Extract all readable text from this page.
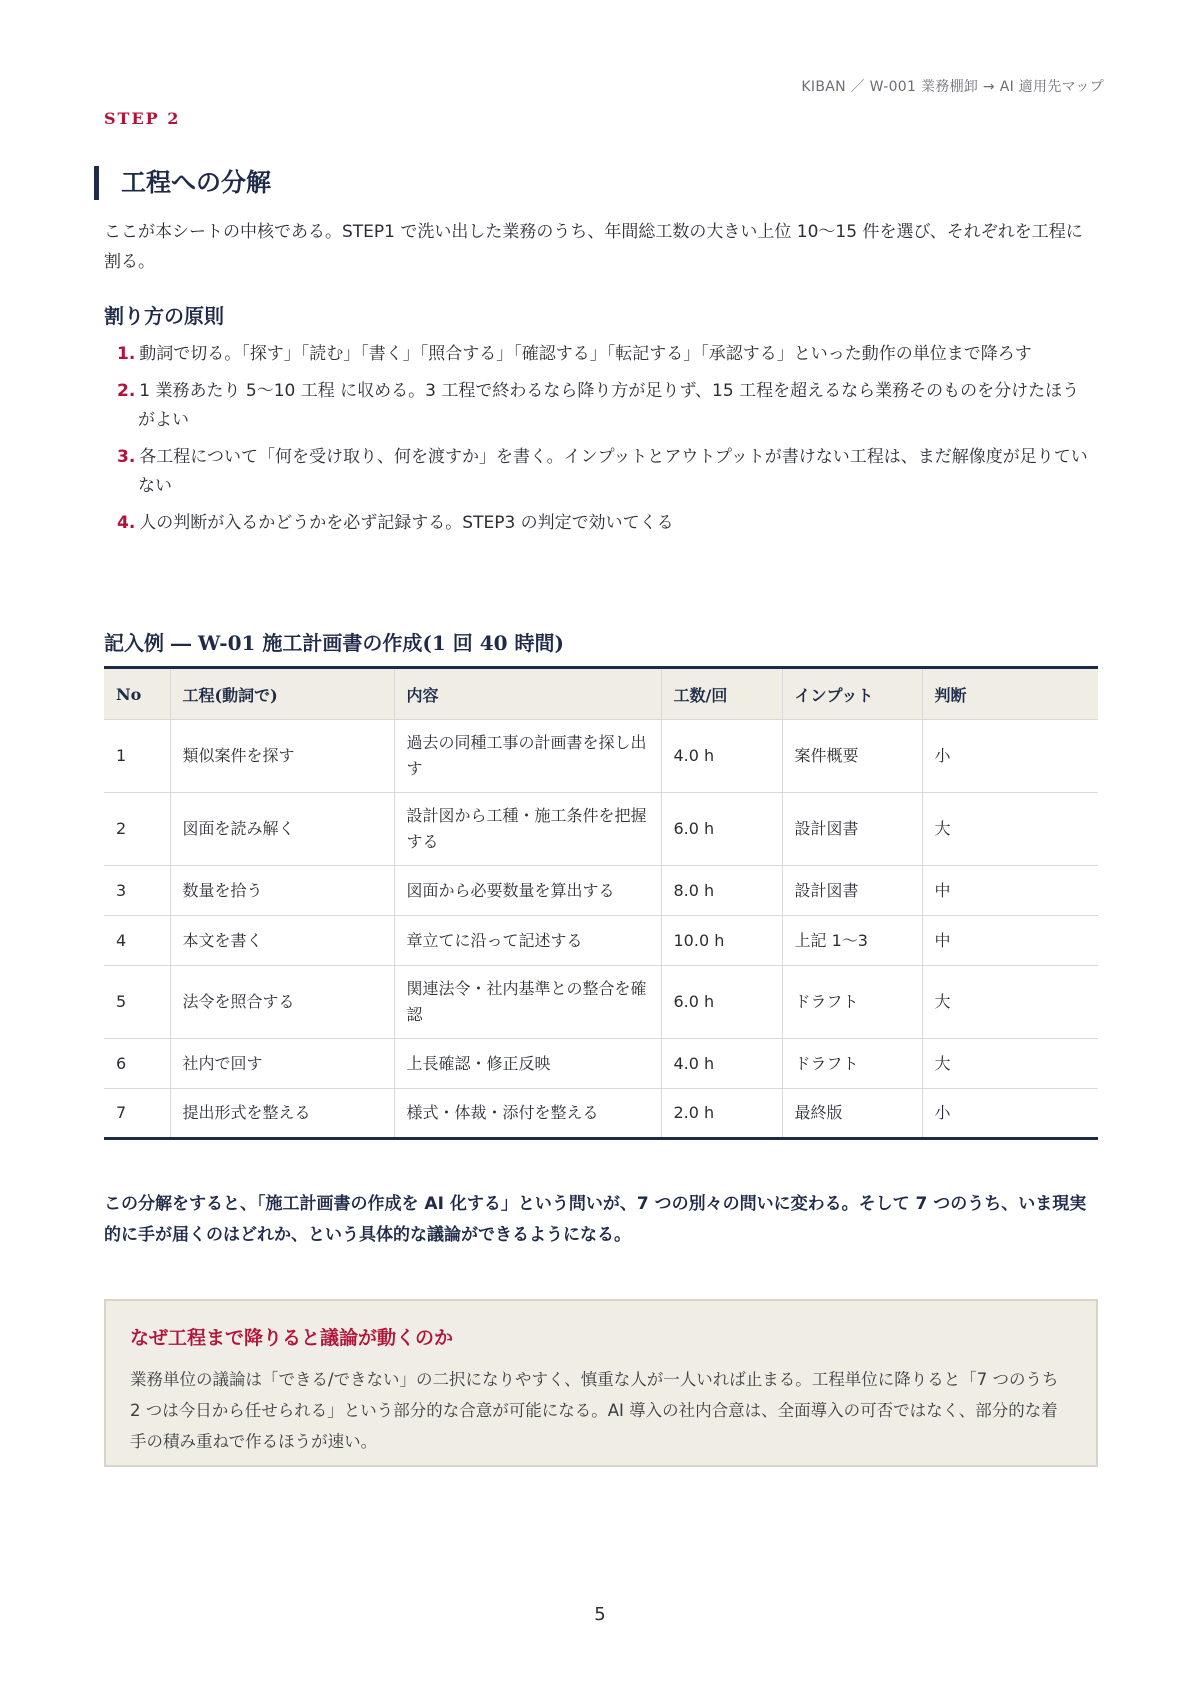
KIBAN ／ W-001 業務棚卸 → AI 適用先マップ
STEP 2
工程への分解

ここが本シートの中核である。STEP1 で洗い出した業務のうち、年間総工数の大きい上位 10〜15 件を選び、それぞれを工程に割る。

割り方の原則
1. 動詞で切る。「探す」「読む」「書く」「照合する」「確認する」「転記する」「承認する」といった動作の単位まで降ろす
2. 1 業務あたり 5〜10 工程 に収める。3 工程で終わるなら降り方が足りず、15 工程を超えるなら業務そのものを分けたほうがよい
3. 各工程について「何を受け取り、何を渡すか」を書く。インプットとアウトプットが書けない工程は、まだ解像度が足りていない
4. 人の判断が入るかどうかを必ず記録する。STEP3 の判定で効いてくる
記入例 ― W-01 施工計画書の作成(1 回 40 時間)
No	工程(動詞で)	内容	工数/回	インプット	判断
1	類似案件を探す	過去の同種工事の計画書を探し出す	4.0 h	案件概要	小
2	図面を読み解く	設計図から工種・施工条件を把握する	6.0 h	設計図書	大
3	数量を拾う	図面から必要数量を算出する	8.0 h	設計図書	中
4	本文を書く	章立てに沿って記述する	10.0 h	上記 1〜3	中
5	法令を照合する	関連法令・社内基準との整合を確認	6.0 h	ドラフト	大
6	社内で回す	上長確認・修正反映	4.0 h	ドラフト	大
7	提出形式を整える	様式・体裁・添付を整える	2.0 h	最終版	小

この分解をすると、「施工計画書の作成を AI 化する」という問いが、7 つの別々の問いに変わる。そして 7 つのうち、いま現実的に手が届くのはどれか、という具体的な議論ができるようになる。

なぜ工程まで降りると議論が動くのか

業務単位の議論は「できる/できない」の二択になりやすく、慎重な人が一人いれば止まる。工程単位に降りると「7 つのうち 2 つは今日から任せられる」という部分的な合意が可能になる。AI 導入の社内合意は、全面導入の可否ではなく、部分的な着手の積み重ねで作るほうが速い。

5
